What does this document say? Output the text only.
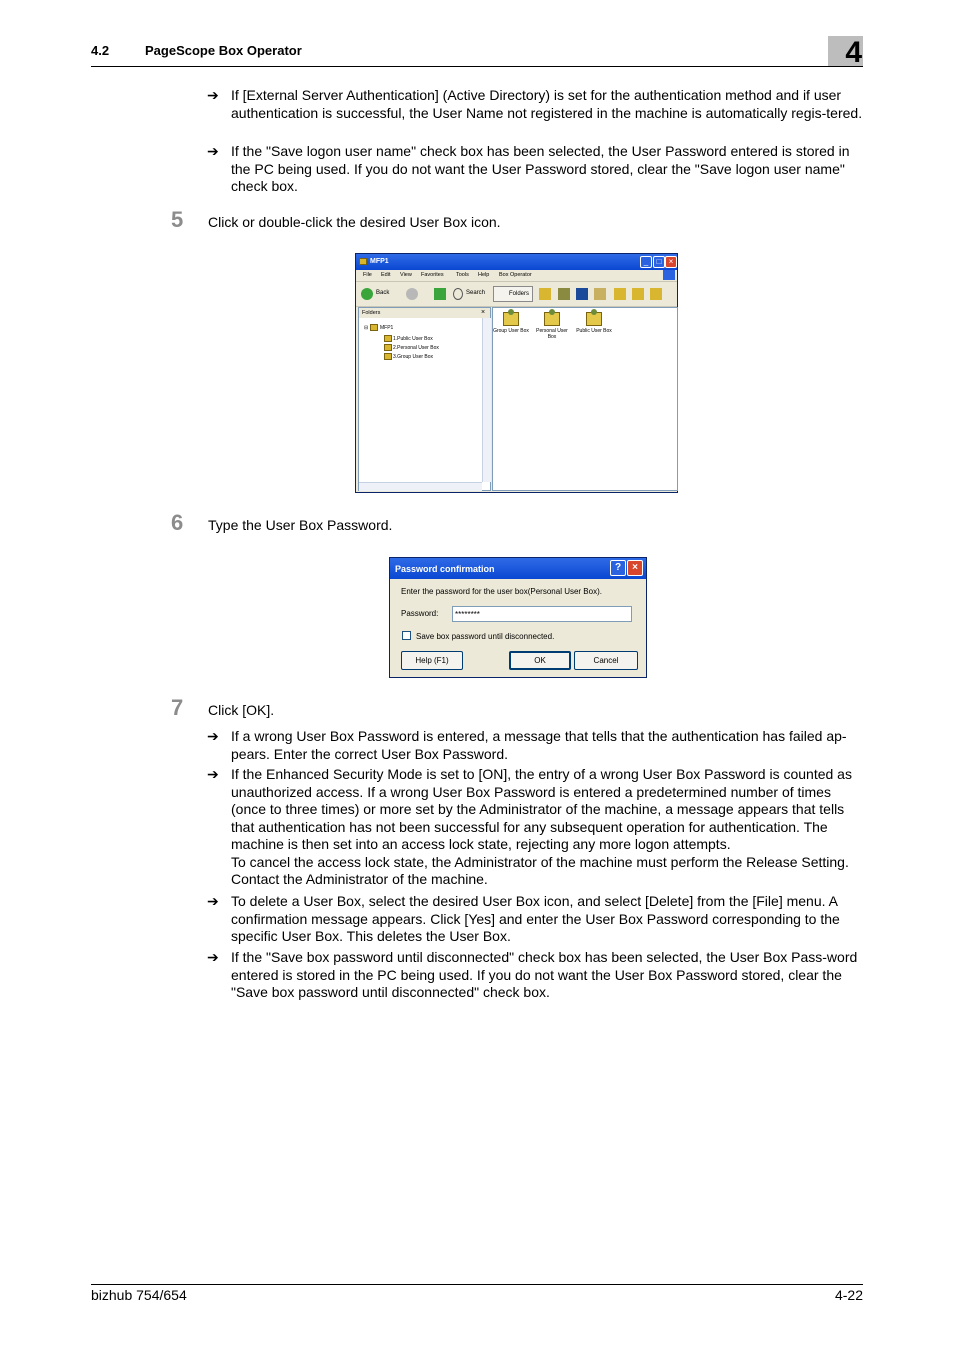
4.2	PageScope Box Operator	4
➔ If [External Server Authentication] (Active Directory) is set for the authentication method and if user authentication is successful, the User Name not registered in the machine is automatically regis-tered.
➔ If the "Save logon user name" check box has been selected, the User Password entered is stored in the PC being used. If you do not want the User Password stored, clear the "Save logon user name" check box.
5 Click or double-click the desired User Box icon.
MFP1	_	□ ×
File Edit View Favorites Tools Help Box Operator
Back	Search	Folders
Folders	×
⊟ MFP1
1.Public User Box
2.Personal User Box
3.Group User Box
Group User Box	Personal User Box
Public User Box
6 Type the User Box Password.
Password confirmation	?	×
Enter the password for the user box(Personal User Box).
Password:
********
Save box password until disconnected.
Help (F1)	OK	Cancel
7 Click [OK].
➔ If a wrong User Box Password is entered, a message that tells that the authentication has failed ap-pears. Enter the correct User Box Password.
➔ If the Enhanced Security Mode is set to [ON], the entry of a wrong User Box Password is counted as unauthorized access. If a wrong User Box Password is entered a predetermined number of times (once to three times) or more set by the Administrator of the machine, a message appears that tells that authentication has not been successful for any subsequent operation for authentication. The machine is then set into an access lock state, rejecting any more logon attempts.
To cancel the access lock state, the Administrator of the machine must perform the Release Setting. Contact the Administrator of the machine.
➔ To delete a User Box, select the desired User Box icon, and select [Delete] from the [File] menu. A confirmation message appears. Click [Yes] and enter the User Box Password corresponding to the specific User Box. This deletes the User Box.
➔ If the "Save box password until disconnected" check box has been selected, the User Box Pass-word entered is stored in the PC being used. If you do not want the User Box Password stored, clear the "Save box password until disconnected" check box.
bizhub 754/654	4-22
